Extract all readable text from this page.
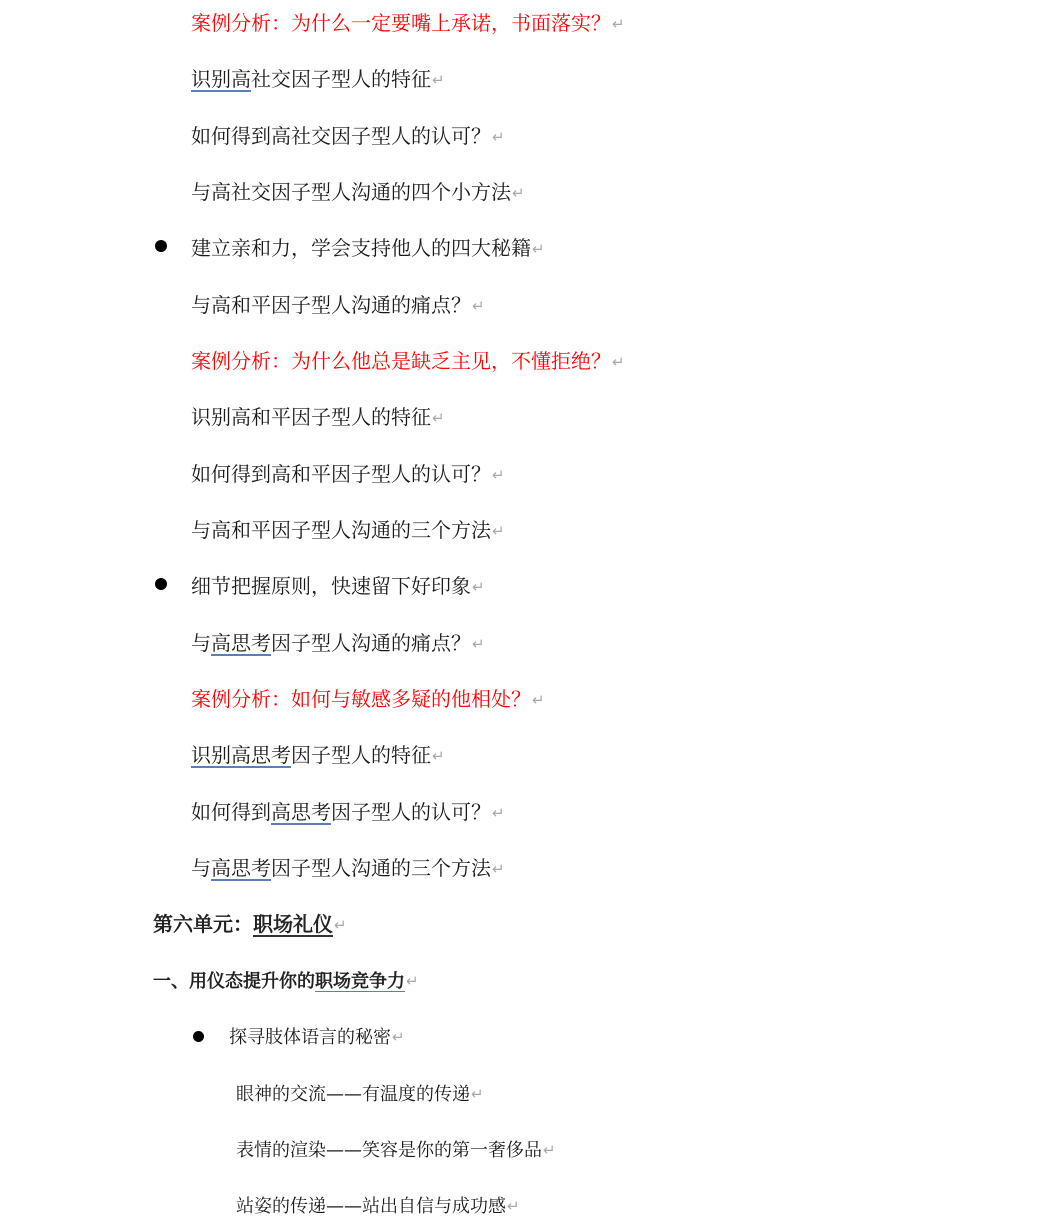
案例分析：为什么一定要嘴上承诺，书面落实？↵
识别高社交因子型人的特征↵
如何得到高社交因子型人的认可？↵
与高社交因子型人沟通的四个小方法↵
建立亲和力，学会支持他人的四大秘籍↵
与高和平因子型人沟通的痛点？↵
案例分析：为什么他总是缺乏主见，不懂拒绝？↵
识别高和平因子型人的特征↵
如何得到高和平因子型人的认可？↵
与高和平因子型人沟通的三个方法↵
细节把握原则，快速留下好印象↵
与高思考因子型人沟通的痛点？↵
案例分析：如何与敏感多疑的他相处？↵
识别高思考因子型人的特征↵
如何得到高思考因子型人的认可？↵
与高思考因子型人沟通的三个方法↵
第六单元：职场礼仪↵
一、用仪态提升你的职场竞争力↵
探寻肢体语言的秘密↵
眼神的交流——有温度的传递↵
表情的渲染——笑容是你的第一奢侈品↵
站姿的传递——站出自信与成功感↵
